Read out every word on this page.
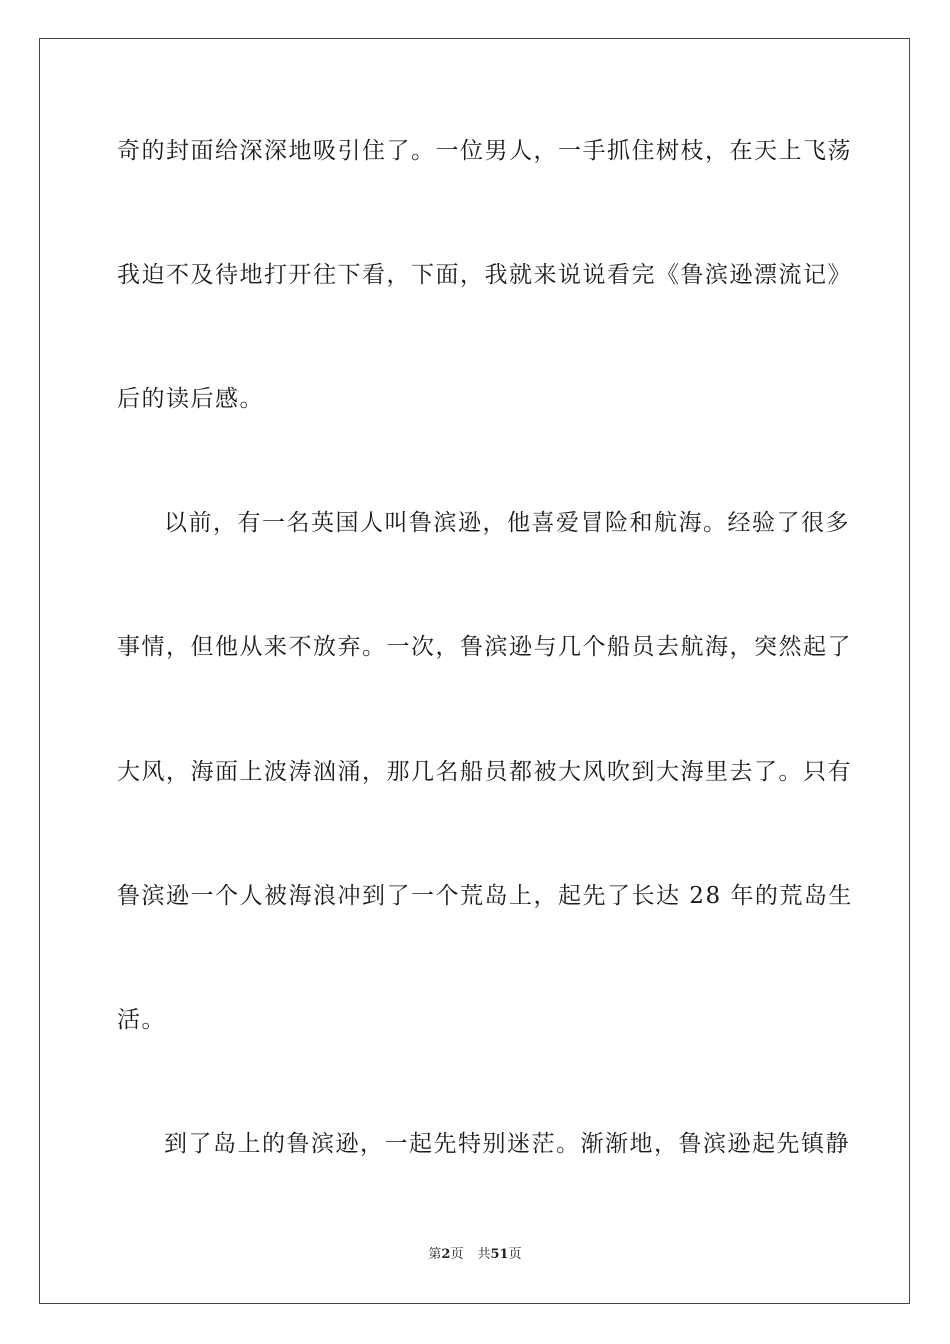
奇的封面给深深地吸引住了。一位男人，一手抓住树枝，在天上飞荡
我迫不及待地打开往下看，下面，我就来说说看完《鲁滨逊漂流记》
后的读后感。
以前，有一名英国人叫鲁滨逊，他喜爱冒险和航海。经验了很多
事情，但他从来不放弃。一次，鲁滨逊与几个船员去航海，突然起了
大风，海面上波涛汹涌，那几名船员都被大风吹到大海里去了。只有
鲁滨逊一个人被海浪冲到了一个荒岛上，起先了长达 28 年的荒岛生
活。
到了岛上的鲁滨逊，一起先特别迷茫。渐渐地，鲁滨逊起先镇静
第2页 共51页
